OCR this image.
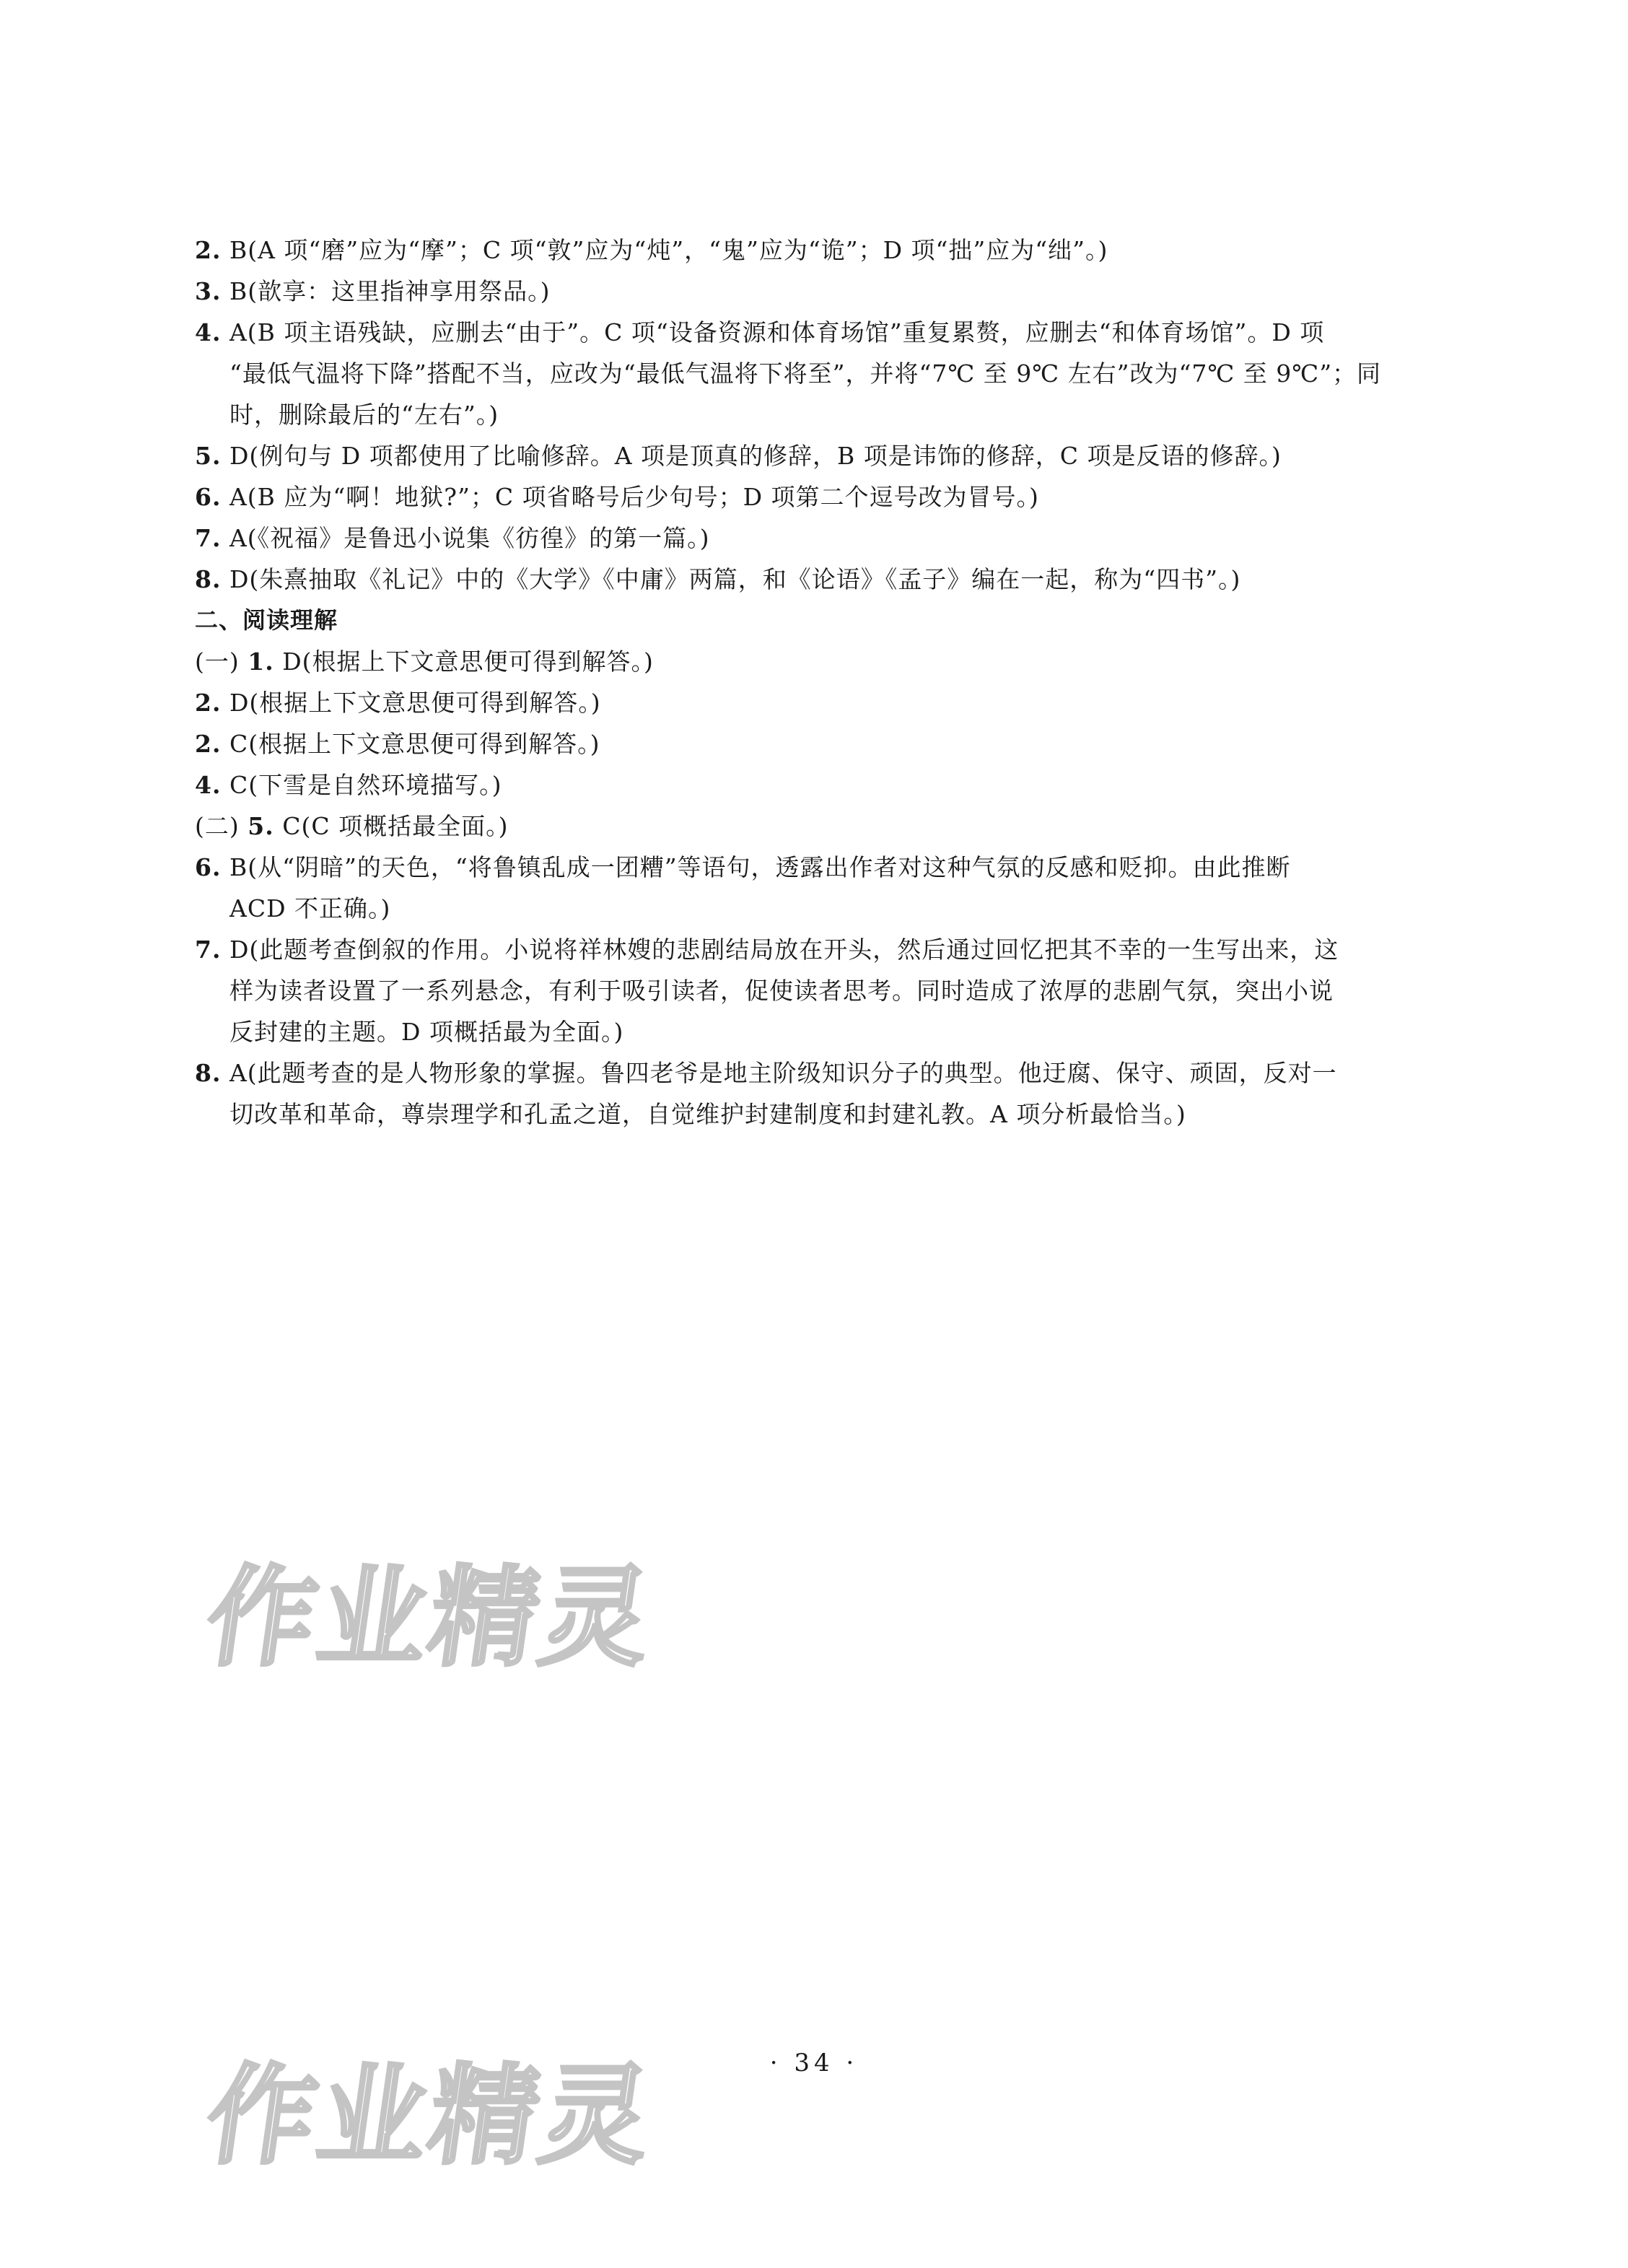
2. B(A 项“磨”应为“摩”；C 项“敦”应为“炖”，“鬼”应为“诡”；D 项“拙”应为“绌”。)

3. B(歆享：这里指神享用祭品。)

4. A(B 项主语残缺，应删去“由于”。C 项“设备资源和体育场馆”重复累赘，应删去“和体育场馆”。D 项

“最低气温将下降”搭配不当，应改为“最低气温将下将至”，并将“7℃ 至 9℃ 左右”改为“7℃ 至 9℃”；同

时，删除最后的“左右”。)

5. D(例句与 D 项都使用了比喻修辞。A 项是顶真的修辞，B 项是讳饰的修辞，C 项是反语的修辞。)

6. A(B 应为“啊！地狱?”；C 项省略号后少句号；D 项第二个逗号改为冒号。)

7. A(《祝福》是鲁迅小说集《彷徨》的第一篇。)

8. D(朱熹抽取《礼记》中的《大学》《中庸》两篇，和《论语》《孟子》编在一起，称为“四书”。)

二、阅读理解

(一) 1. D(根据上下文意思便可得到解答。)

2. D(根据上下文意思便可得到解答。)

2. C(根据上下文意思便可得到解答。)

4. C(下雪是自然环境描写。)

(二) 5. C(C 项概括最全面。)

6. B(从“阴暗”的天色，“将鲁镇乱成一团糟”等语句，透露出作者对这种气氛的反感和贬抑。由此推断

ACD 不正确。)

7. D(此题考查倒叙的作用。小说将祥林嫂的悲剧结局放在开头，然后通过回忆把其不幸的一生写出来，这

样为读者设置了一系列悬念，有利于吸引读者，促使读者思考。同时造成了浓厚的悲剧气氛，突出小说

反封建的主题。D 项概括最为全面。)

8. A(此题考查的是人物形象的掌握。鲁四老爷是地主阶级知识分子的典型。他迂腐、保守、顽固，反对一

切改革和革命，尊崇理学和孔孟之道，自觉维护封建制度和封建礼教。A 项分析最恰当。)

作业精灵
· 34 ·
作业精灵
